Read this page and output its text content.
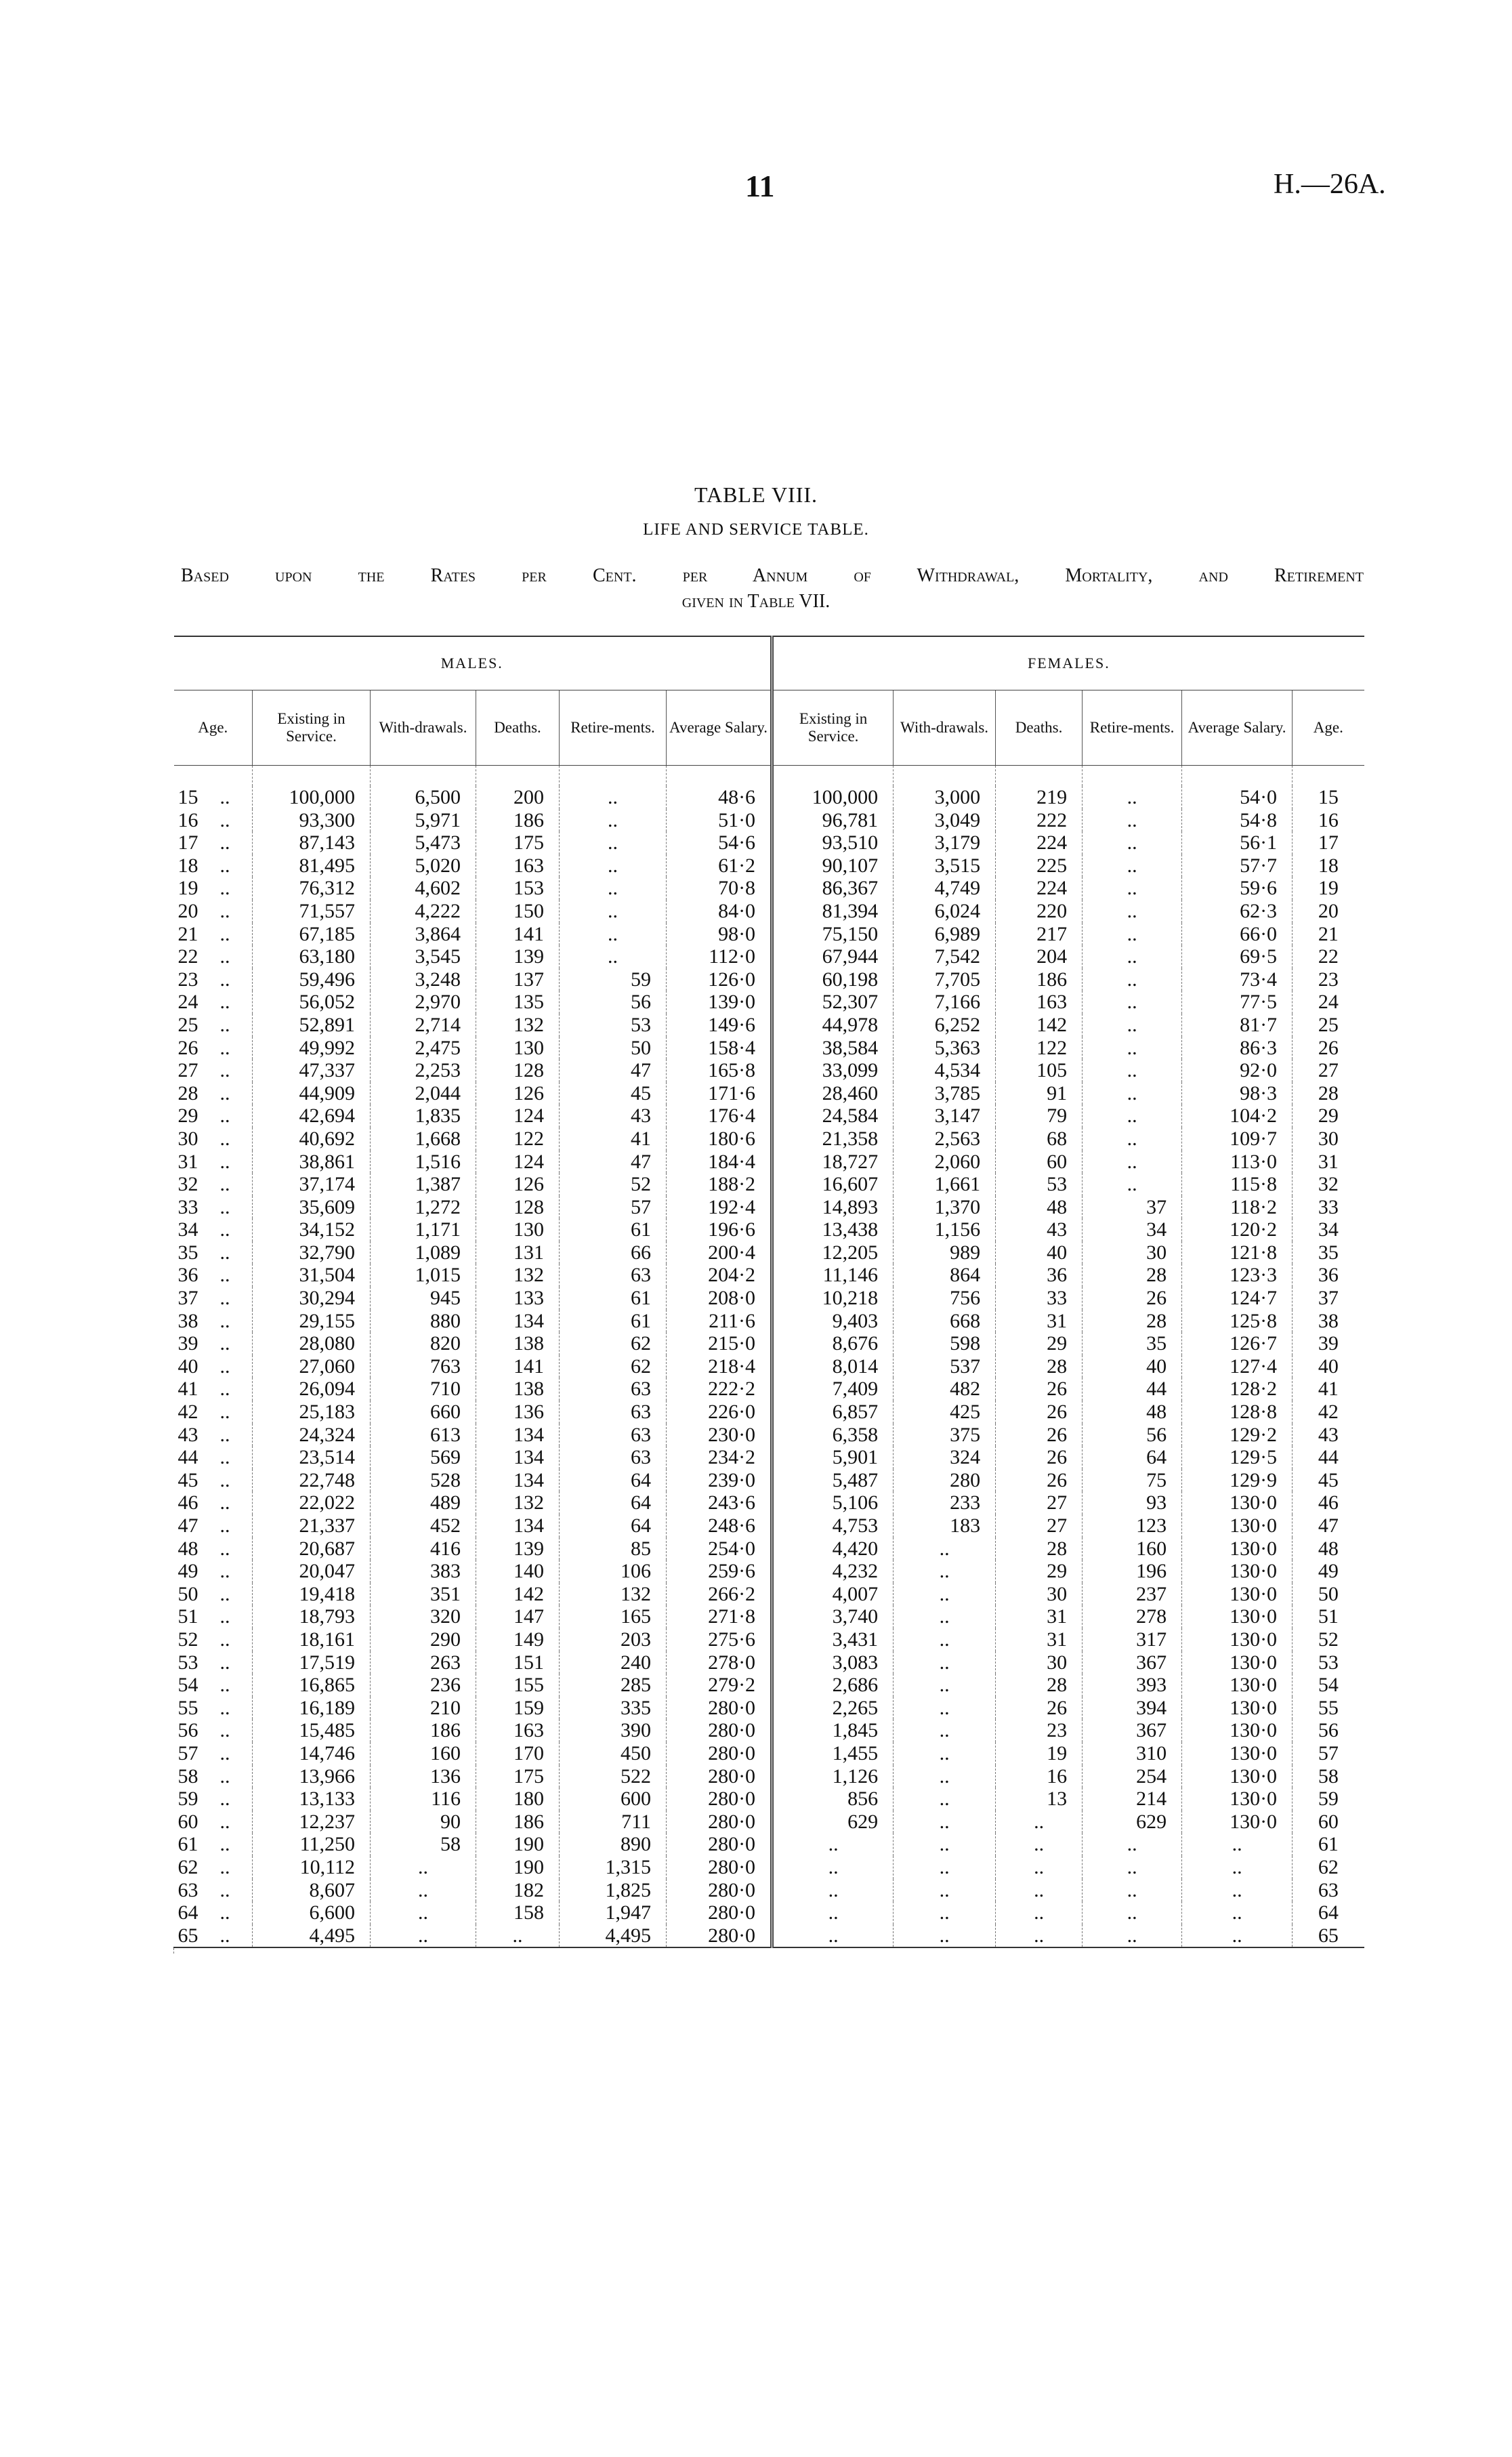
11	H.—26A.
TABLE VIII.
LIFE AND SERVICE TABLE.
Based upon the Rates per Cent. per Annum of Withdrawal, Mortality, and Retirement
given in Table VII.
MALES.						FEMALES.					
Age.	Existing in Service.	With-drawals.	Deaths.	Retire-ments.	Average Salary.	Existing in Service.	With-drawals.	Deaths.	Retire-ments.	Average Salary.	Age.

15 ..	100,000	6,500	200	..	48·6	100,000	3,000	219	..	54·0	15
16 ..	93,300	5,971	186	..	51·0	96,781	3,049	222	..	54·8	16
17 ..	87,143	5,473	175	..	54·6	93,510	3,179	224	..	56·1	17
18 ..	81,495	5,020	163	..	61·2	90,107	3,515	225	..	57·7	18
19 ..	76,312	4,602	153	..	70·8	86,367	4,749	224	..	59·6	19
20 ..	71,557	4,222	150	..	84·0	81,394	6,024	220	..	62·3	20
21 ..	67,185	3,864	141	..	98·0	75,150	6,989	217	..	66·0	21
22 ..	63,180	3,545	139	..	112·0	67,944	7,542	204	..	69·5	22
23 ..	59,496	3,248	137	59	126·0	60,198	7,705	186	..	73·4	23
24 ..	56,052	2,970	135	56	139·0	52,307	7,166	163	..	77·5	24
25 ..	52,891	2,714	132	53	149·6	44,978	6,252	142	..	81·7	25
26 ..	49,992	2,475	130	50	158·4	38,584	5,363	122	..	86·3	26
27 ..	47,337	2,253	128	47	165·8	33,099	4,534	105	..	92·0	27
28 ..	44,909	2,044	126	45	171·6	28,460	3,785	91	..	98·3	28
29 ..	42,694	1,835	124	43	176·4	24,584	3,147	79	..	104·2	29
30 ..	40,692	1,668	122	41	180·6	21,358	2,563	68	..	109·7	30
31 ..	38,861	1,516	124	47	184·4	18,727	2,060	60	..	113·0	31
32 ..	37,174	1,387	126	52	188·2	16,607	1,661	53	..	115·8	32
33 ..	35,609	1,272	128	57	192·4	14,893	1,370	48	37	118·2	33
34 ..	34,152	1,171	130	61	196·6	13,438	1,156	43	34	120·2	34
35 ..	32,790	1,089	131	66	200·4	12,205	989	40	30	121·8	35
36 ..	31,504	1,015	132	63	204·2	11,146	864	36	28	123·3	36
37 ..	30,294	945	133	61	208·0	10,218	756	33	26	124·7	37
38 ..	29,155	880	134	61	211·6	9,403	668	31	28	125·8	38
39 ..	28,080	820	138	62	215·0	8,676	598	29	35	126·7	39
40 ..	27,060	763	141	62	218·4	8,014	537	28	40	127·4	40
41 ..	26,094	710	138	63	222·2	7,409	482	26	44	128·2	41
42 ..	25,183	660	136	63	226·0	6,857	425	26	48	128·8	42
43 ..	24,324	613	134	63	230·0	6,358	375	26	56	129·2	43
44 ..	23,514	569	134	63	234·2	5,901	324	26	64	129·5	44
45 ..	22,748	528	134	64	239·0	5,487	280	26	75	129·9	45
46 ..	22,022	489	132	64	243·6	5,106	233	27	93	130·0	46
47 ..	21,337	452	134	64	248·6	4,753	183	27	123	130·0	47
48 ..	20,687	416	139	85	254·0	4,420	..	28	160	130·0	48
49 ..	20,047	383	140	106	259·6	4,232	..	29	196	130·0	49
50 ..	19,418	351	142	132	266·2	4,007	..	30	237	130·0	50
51 ..	18,793	320	147	165	271·8	3,740	..	31	278	130·0	51
52 ..	18,161	290	149	203	275·6	3,431	..	31	317	130·0	52
53 ..	17,519	263	151	240	278·0	3,083	..	30	367	130·0	53
54 ..	16,865	236	155	285	279·2	2,686	..	28	393	130·0	54
55 ..	16,189	210	159	335	280·0	2,265	..	26	394	130·0	55
56 ..	15,485	186	163	390	280·0	1,845	..	23	367	130·0	56
57 ..	14,746	160	170	450	280·0	1,455	..	19	310	130·0	57
58 ..	13,966	136	175	522	280·0	1,126	..	16	254	130·0	58
59 ..	13,133	116	180	600	280·0	856	..	13	214	130·0	59
60 ..	12,237	90	186	711	280·0	629	..	..	629	130·0	60
61 ..	11,250	58	190	890	280·0	..	..	..	..	..	61
62 ..	10,112	..	190	1,315	280·0	..	..	..	..	..	62
63 ..	8,607	..	182	1,825	280·0	..	..	..	..	..	63
64 ..	6,600	..	158	1,947	280·0	..	..	..	..	..	64
65 ..	4,495	..	..	4,495	280·0	..	..	..	..	..	65
